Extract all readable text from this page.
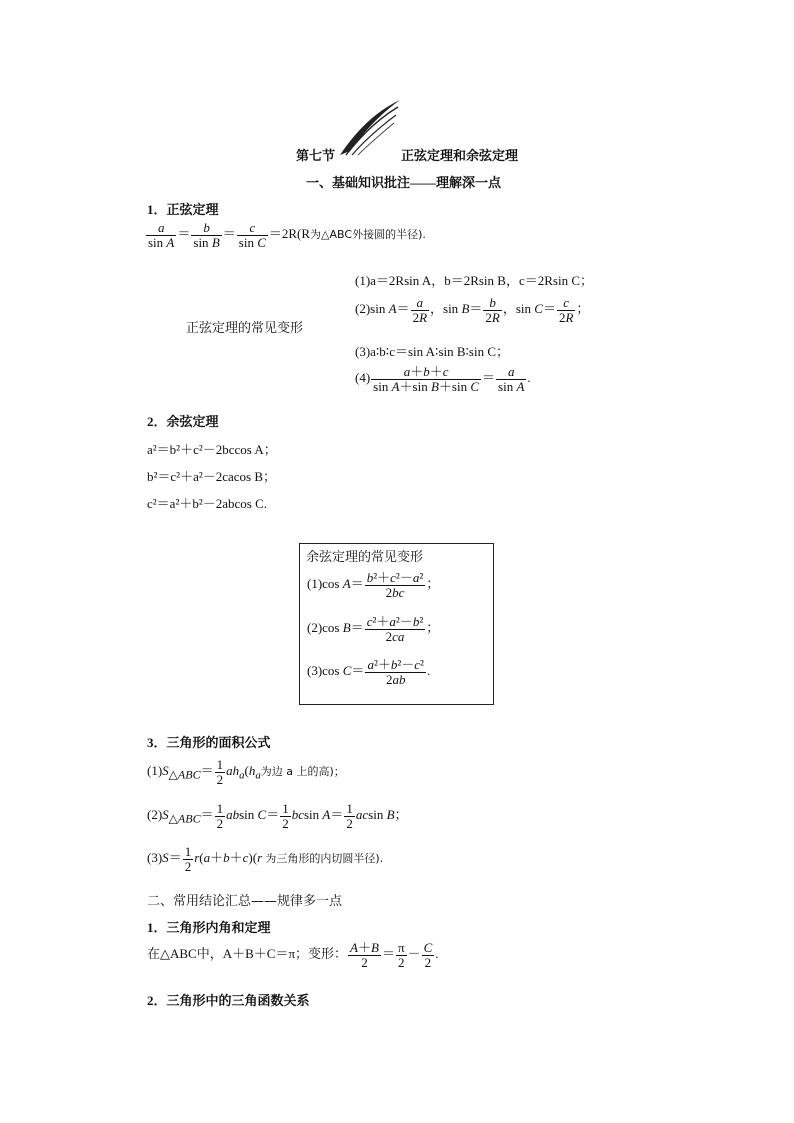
第七节	正弦定理和余弦定理
一、基础知识批注——理解深一点
1．正弦定理
$\frac{a}{\text{sin A}} = \frac{b}{\text{sin B}} = \frac{c}{\text{sin C}} =2R(R$为△ABC外接圆的半径).
正弦定理的常见变形
(1)a＝2Rsin A，b＝2Rsin B，c＝2Rsin C；
(2)sin $A= \frac{a}{2R}$ ，$\sin B= \frac{b}{2R}$ ，$\sin C= \frac{c}{2R}$ ；
(3)a∶b∶c＝sin A∶sin B∶sin C；
$(4) \frac{a+b+c}{\text{sin A＋sin B＋sin C}} = \frac{a}{\text{sin A}}$ .
2．余弦定理
a²＝b²＋c²－2bccos A；
b²＝c²＋a²－2cacos B；
c²＝a²＋b²－2abcos C.
余弦定理的常见变形
(1)cos $A= \frac{\text{b²＋c²－a²}}{2bc}$ ；
(2)cos $B= \frac{\text{c²＋a²－b²}}{2ca}$ ；
(3)cos $C= \frac{\text{a²＋b²－c²}}{2ab}$ .
3．三角形的面积公式
$(1)S_{\triangle ABC}= \frac{1}{2} ah_a(h_a$为边 a 上的高)；
$(2)S_{\triangle ABC}= \frac{1}{2}$ absin $C= \frac{1}{2}$ bcsin $A= \frac{1}{2}$ acsin B；
$(3)S= \frac{1}{2} r(a+b+c)(r$ 为三角形的内切圆半径).
二、常用结论汇总——规律多一点
1．三角形内角和定理
在△ABC中，A＋B＋C＝π；变形： $\frac{A+B}{2} = \frac{\pi}{2} - \frac{C}{2}$ .
2．三角形中的三角函数关系
